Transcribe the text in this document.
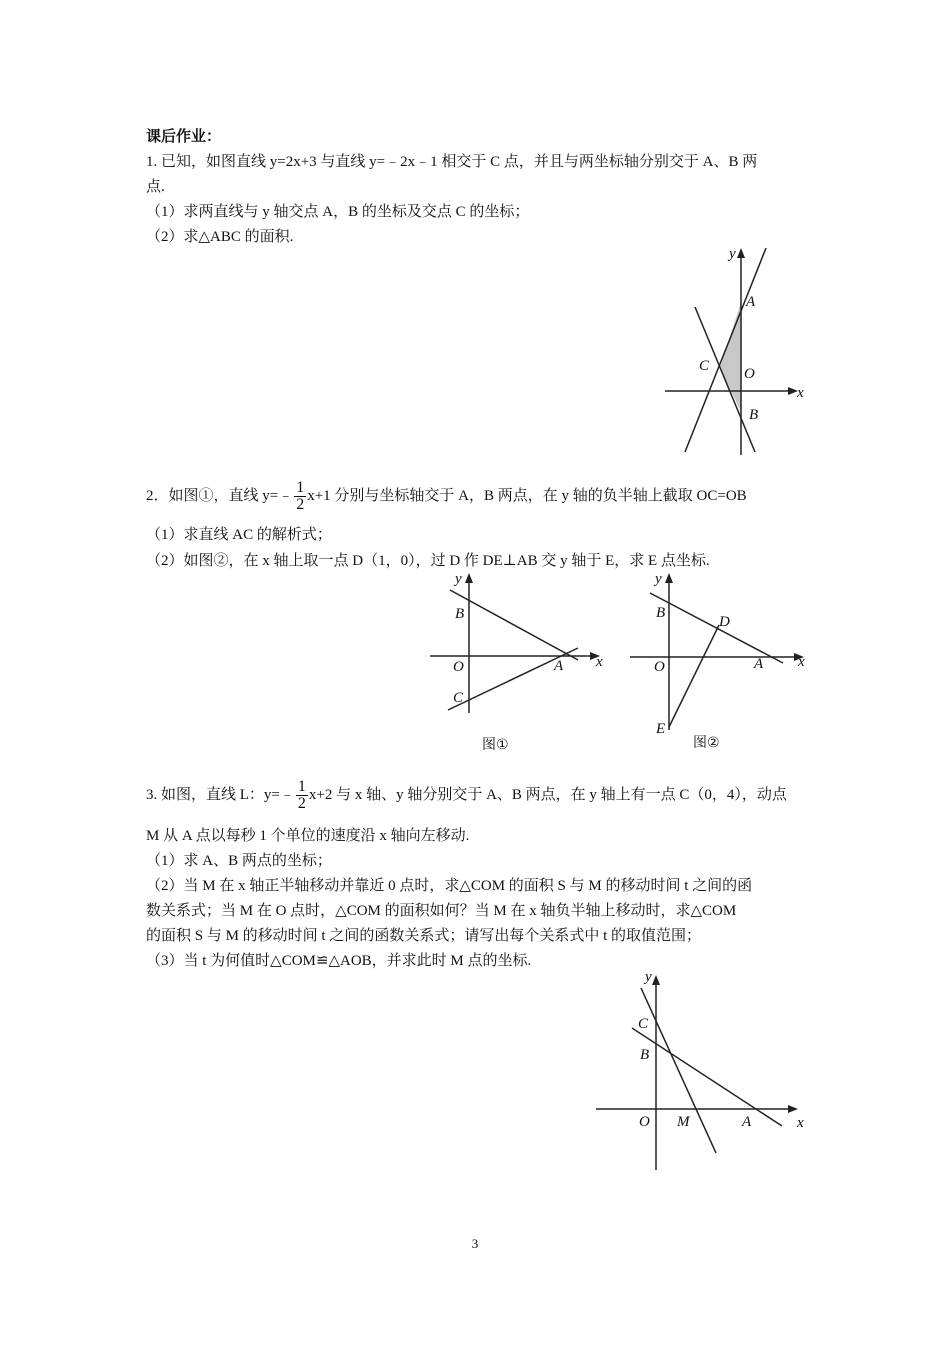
课后作业：
1. 已知，如图直线 y=2x+3 与直线 y=﹣2x﹣1 相交于 C 点，并且与两坐标轴分别交于 A、B 两
点.
（1）求两直线与 y 轴交点 A，B 的坐标及交点 C 的坐标；
（2）求△ABC 的面积.
y
x
A
C O
B
2．如图①，直线 y=﹣ $\frac{1}{2} x+1$ 分别与坐标轴交于 A，B 两点，在 y 轴的负半轴上截取 OC=OB
（1）求直线 AC 的解析式；
（2）如图②，在 x 轴上取一点 D（1，0），过 D 作 DE⊥AB 交 y 轴于 E，求 E 点坐标.
y
x
B
O	A
C
图①
y
x
B
D
O	A
E
图②
3. 如图，直线 L：y=﹣ $\frac{1}{2} x+2$ 与 x 轴、y 轴分别交于 A、B 两点，在 y 轴上有一点 C（0，4），动点
M 从 A 点以每秒 1 个单位的速度沿 x 轴向左移动.
（1）求 A、B 两点的坐标；
（2）当 M 在 x 轴正半轴移动并靠近 0 点时，求△COM 的面积 S 与 M 的移动时间 t 之间的函
数关系式；当 M 在 O 点时，△COM 的面积如何？当 M 在 x 轴负半轴上移动时，求△COM
的面积 S 与 M 的移动时间 t 之间的函数关系式；请写出每个关系式中 t 的取值范围；
（3）当 t 为何值时△COM≌△AOB，并求此时 M 点的坐标.
y
x
C
B
O M	A
3
